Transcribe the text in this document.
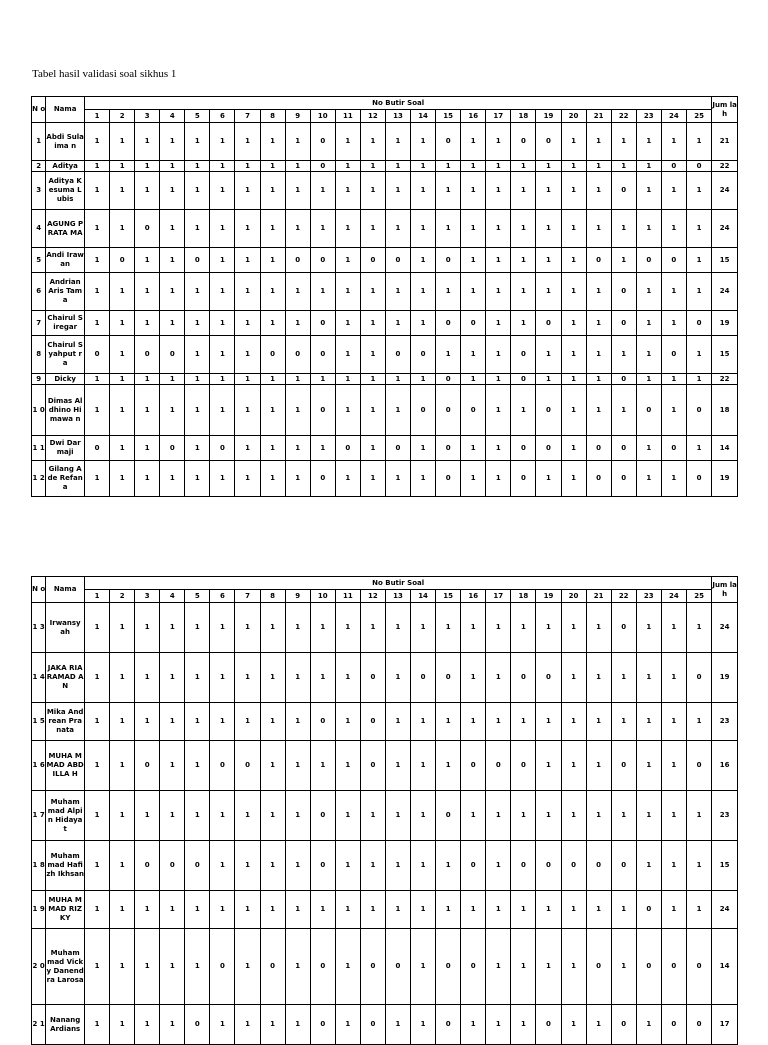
Tabel hasil validasi soal sikhus 1
N o	Nama	No Butir Soal																									Jum lah
		1	2	3	4	5	6	7	8	9	10	11	12	13	14	15	16	17	18	19	20	21	22	23	24	25	
1	Abdi Sulaima n	1	1	1	1	1	1	1	1	1	0	1	1	1	1	0	1	1	0	0	1	1	1	1	1	1	21
2	Aditya	1	1	1	1	1	1	1	1	1	0	1	1	1	1	1	1	1	1	1	1	1	1	1	0	0	22
3	Aditya Kesuma Lubis	1	1	1	1	1	1	1	1	1	1	1	1	1	1	1	1	1	1	1	1	1	0	1	1	1	24
4	AGUNG PRATA MA	1	1	0	1	1	1	1	1	1	1	1	1	1	1	1	1	1	1	1	1	1	1	1	1	1	24
5	Andi Irawan	1	0	1	1	0	1	1	1	0	0	1	0	0	1	0	1	1	1	1	1	0	1	0	0	1	15
6	Andrian Aris Tama	1	1	1	1	1	1	1	1	1	1	1	1	1	1	1	1	1	1	1	1	1	0	1	1	1	24
7	Chairul Siregar	1	1	1	1	1	1	1	1	1	0	1	1	1	1	0	0	1	1	0	1	1	0	1	1	0	19
8	Chairul Syahput ra	0	1	0	0	1	1	1	0	0	0	1	1	0	0	1	1	1	0	1	1	1	1	1	0	1	15
9	Dicky	1	1	1	1	1	1	1	1	1	1	1	1	1	1	0	1	1	0	1	1	1	0	1	1	1	22
1 0	Dimas Aldhino Himawa n	1	1	1	1	1	1	1	1	1	0	1	1	1	0	0	0	1	1	0	1	1	1	0	1	0	18
1 1	Dwi Darmaji	0	1	1	0	1	0	1	1	1	1	0	1	0	1	0	1	1	0	0	1	0	0	1	0	1	14
1 2	Gilang Ade Refana	1	1	1	1	1	1	1	1	1	0	1	1	1	1	0	1	1	0	1	1	0	0	1	1	0	19
N o	Nama	No Butir Soal																									Jum lah
		1	2	3	4	5	6	7	8	9	10	11	12	13	14	15	16	17	18	19	20	21	22	23	24	25	
1 3	Irwansy ah	1	1	1	1	1	1	1	1	1	1	1	1	1	1	1	1	1	1	1	1	1	0	1	1	1	24
1 4	JAKA RIA RAMAD AN	1	1	1	1	1	1	1	1	1	1	1	0	1	0	0	1	1	0	0	1	1	1	1	1	0	19
1 5	Mika Andrean Pranata	1	1	1	1	1	1	1	1	1	0	1	0	1	1	1	1	1	1	1	1	1	1	1	1	1	23
1 6	MUHA MMAD ABDILLA H	1	1	0	1	1	0	0	1	1	1	1	0	1	1	1	0	0	0	1	1	1	0	1	1	0	16
1 7	Muham mad Alpin Hidayat	1	1	1	1	1	1	1	1	1	0	1	1	1	1	0	1	1	1	1	1	1	1	1	1	1	23
1 8	Muham mad Hafizh Ikhsan	1	1	0	0	0	1	1	1	1	0	1	1	1	1	1	0	1	0	0	0	0	0	1	1	1	15
1 9	MUHA MMAD RIZKY	1	1	1	1	1	1	1	1	1	1	1	1	1	1	1	1	1	1	1	1	1	1	0	1	1	24
2 0	Muham mad Vicky Danend ra Larosa	1	1	1	1	1	0	1	0	1	0	1	0	0	1	0	0	1	1	1	1	0	1	0	0	0	14
2 1	Nanang Ardians	1	1	1	1	0	1	1	1	1	0	1	0	1	1	0	1	1	1	0	1	1	0	1	0	0	17
